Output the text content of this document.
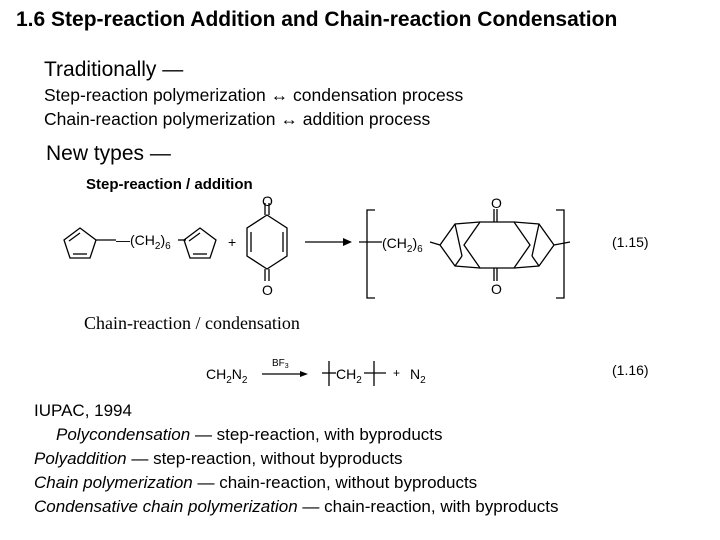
1.6 Step-reaction Addition and Chain-reaction Condensation
Traditionally —
Step-reaction polymerization ↔ condensation process
Chain-reaction polymerization ↔ addition process
New types —
Step-reaction / addition
$—(CH_2)_6$	+
O
O
$(CH_2)_6$
O
O
(1.15)
$CH_2N_2$
$BF_3$	$CH_2$
+ $N_2$
(1.16)
Chain-reaction / condensation
IUPAC, 1994
Polycondensation — step-reaction, with byproducts
Polyaddition — step-reaction, without byproducts
Chain polymerization — chain-reaction, without byproducts
Condensative chain polymerization — chain-reaction, with byproducts
